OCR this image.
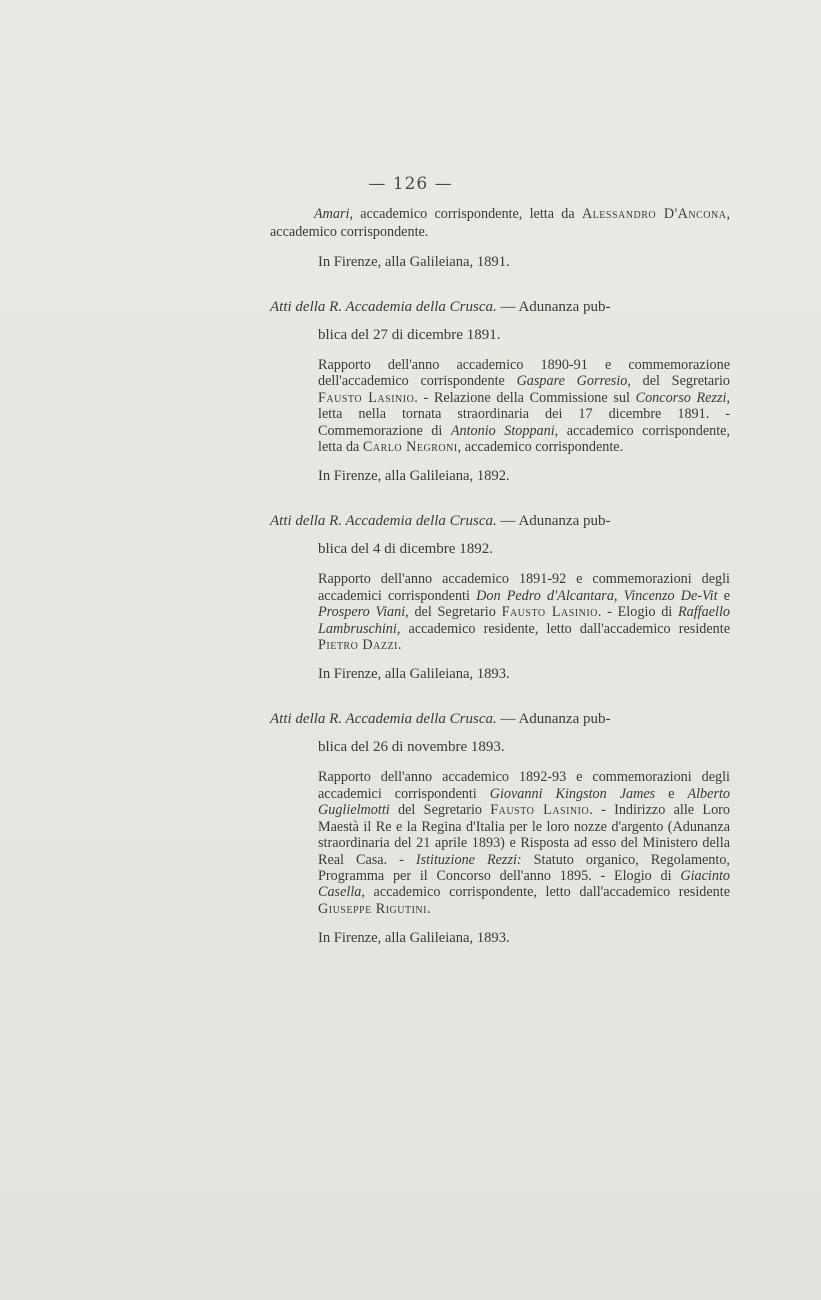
— 126 —

Amari, accademico corrispondente, letta da Alessandro D'Ancona, accademico corrispondente.

In Firenze, alla Galileiana, 1891.

Atti della R. Accademia della Crusca. — Adunanza pub-
blica del 27 di dicembre 1891.

Rapporto dell'anno accademico 1890-91 e commemorazione dell'accademico corrispondente Gaspare Gorresio, del Segretario Fausto Lasinio. - Relazione della Commissione sul Concorso Rezzi, letta nella tornata straordinaria dei 17 dicembre 1891. - Commemorazione di Antonio Stoppani, accademico corrispondente, letta da Carlo Negroni, accademico corrispondente.

In Firenze, alla Galileiana, 1892.

Atti della R. Accademia della Crusca. — Adunanza pub-
blica del 4 di dicembre 1892.

Rapporto dell'anno accademico 1891-92 e commemorazioni degli accademici corrispondenti Don Pedro d'Alcantara, Vincenzo De-Vit e Prospero Viani, del Segretario Fausto Lasinio. - Elogio di Raffaello Lambruschini, accademico residente, letto dall'accademico residente Pietro Dazzi.

In Firenze, alla Galileiana, 1893.

Atti della R. Accademia della Crusca. — Adunanza pub-
blica del 26 di novembre 1893.

Rapporto dell'anno accademico 1892-93 e commemorazioni degli accademici corrispondenti Giovanni Kingston James e Alberto Guglielmotti del Segretario Fausto Lasinio. - Indirizzo alle Loro Maestà il Re e la Regina d'Italia per le loro nozze d'argento (Adunanza straordinaria del 21 aprile 1893) e Risposta ad esso del Ministero della Real Casa. - Istituzione Rezzi: Statuto organico, Regolamento, Programma per il Concorso dell'anno 1895. - Elogio di Giacinto Casella, accademico corrispondente, letto dall'accademico residente Giuseppe Rigutini.

In Firenze, alla Galileiana, 1893.
